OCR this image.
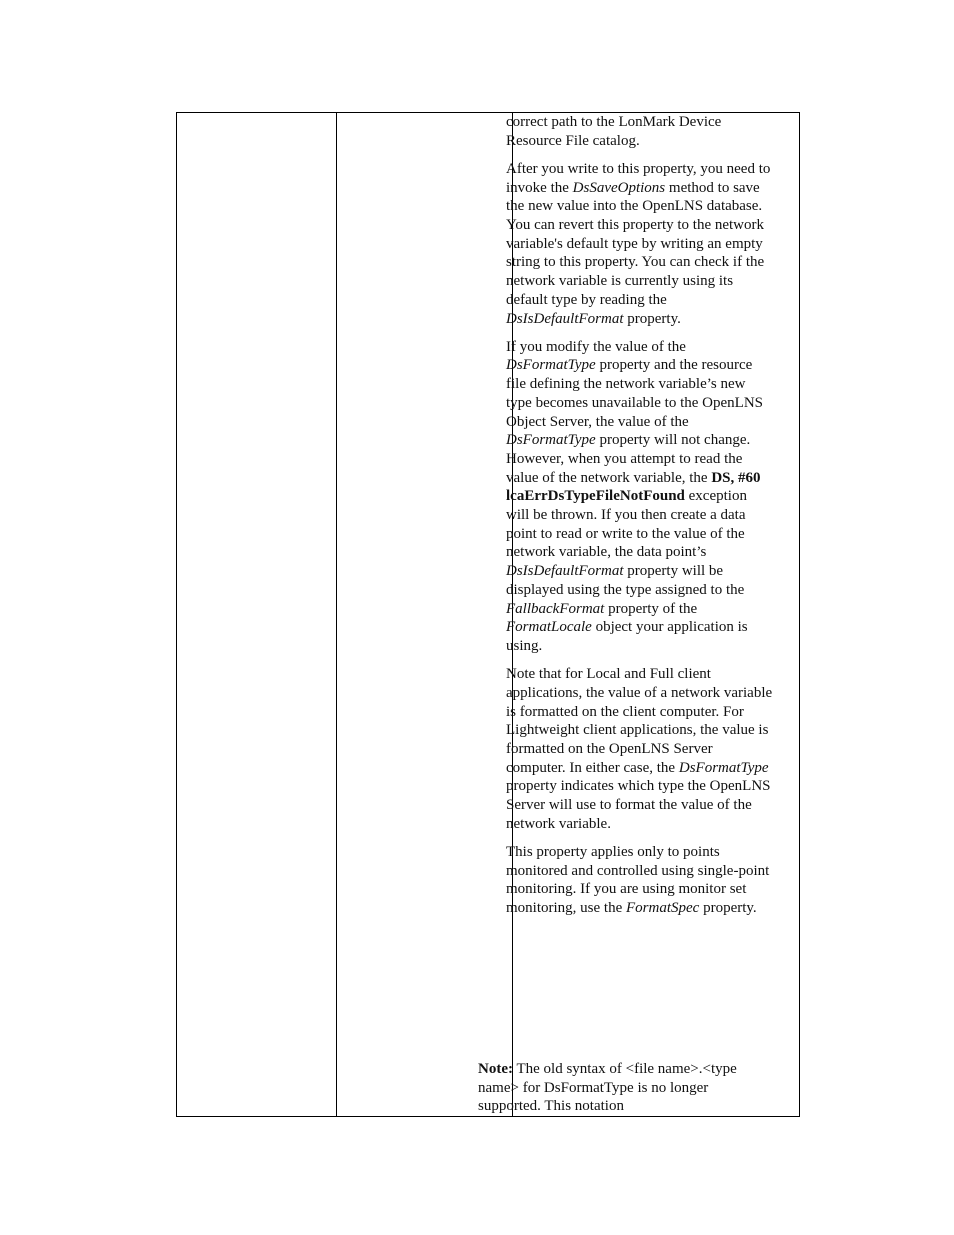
correct path to the LonMark Device Resource File catalog.

After you write to this property, you need to invoke the DsSaveOptions method to save the new value into the OpenLNS database. You can revert this property to the network variable's default type by writing an empty string to this property. You can check if the network variable is currently using its default type by reading the DsIsDefaultFormat property.

If you modify the value of the DsFormatType property and the resource file defining the network variable’s new type becomes unavailable to the OpenLNS Object Server, the value of the DsFormatType property will not change. However, when you attempt to read the value of the network variable, the DS, #60 lcaErrDsTypeFileNotFound exception will be thrown. If you then create a data point to read or write to the value of the network variable, the data point’s DsIsDefaultFormat property will be displayed using the type assigned to the FallbackFormat property of the FormatLocale object your application is using.

Note that for Local and Full client applications, the value of a network variable is formatted on the client computer. For Lightweight client applications, the value is formatted on the OpenLNS Server computer. In either case, the DsFormatType property indicates which type the OpenLNS Server will use to format the value of the network variable.

This property applies only to points monitored and controlled using single-point monitoring. If you are using monitor set monitoring, use the FormatSpec property.

Note: The old syntax of <file name>.<type name> for DsFormatType is no longer supported. This notation
